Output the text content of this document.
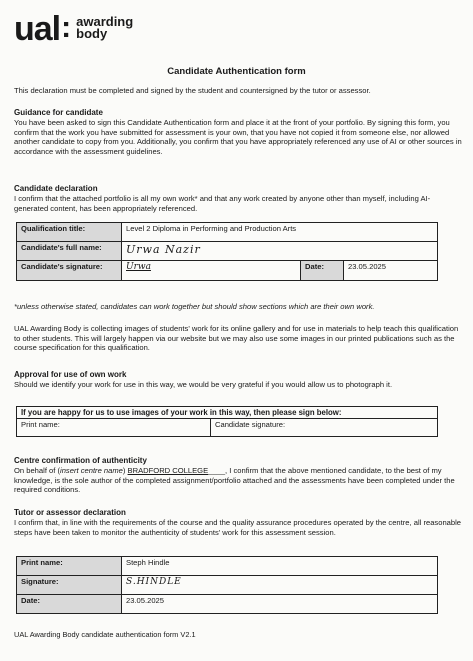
ual : awarding
body
Candidate Authentication form
This declaration must be completed and signed by the student and countersigned by the tutor or assessor.
Guidance for candidate
You have been asked to sign this Candidate Authentication form and place it at the front of your portfolio. By signing this form, you confirm that the work you have submitted for assessment is your own, that you have not copied it from someone else, nor allowed another candidate to copy from you. Additionally, you confirm that you have appropriately referenced any use of AI or other sources in accordance with the assessment guidelines.
Candidate declaration
I confirm that the attached portfolio is all my own work* and that any work created by anyone other than myself, including AI-generated content, has been appropriately referenced.
Qualification title:	Level 2 Diploma in Performing and Production Arts		
Candidate's full name:	Urwa Nazir		
Candidate's signature:	Urwa	Date:	23.05.2025
*unless otherwise stated, candidates can work together but should show sections which are their own work.
UAL Awarding Body is collecting images of students' work for its online gallery and for use in materials to help teach this qualification to other students. This will largely happen via our website but we may also use some images in our printed publications such as the course specification for this qualification.
Approval for use of own work
Should we identify your work for use in this way, we would be very grateful if you would allow us to photograph it.
If you are happy for us to use images of your work in this way, then please sign below:
Print name:	Candidate signature:
Centre confirmation of authenticity
On behalf of (insert centre name) BRADFORD COLLEGE____, I confirm that the above mentioned candidate, to the best of my knowledge, is the sole author of the completed assignment/portfolio attached and the assessments have been completed under the required conditions.
Tutor or assessor declaration
I confirm that, in line with the requirements of the course and the quality assurance procedures operated by the centre, all reasonable steps have been taken to monitor the authenticity of students' work for this assessment session.
Print name:	Steph Hindle
Signature:	S.HINDLE
Date:	23.05.2025
UAL Awarding Body candidate authentication form V2.1
